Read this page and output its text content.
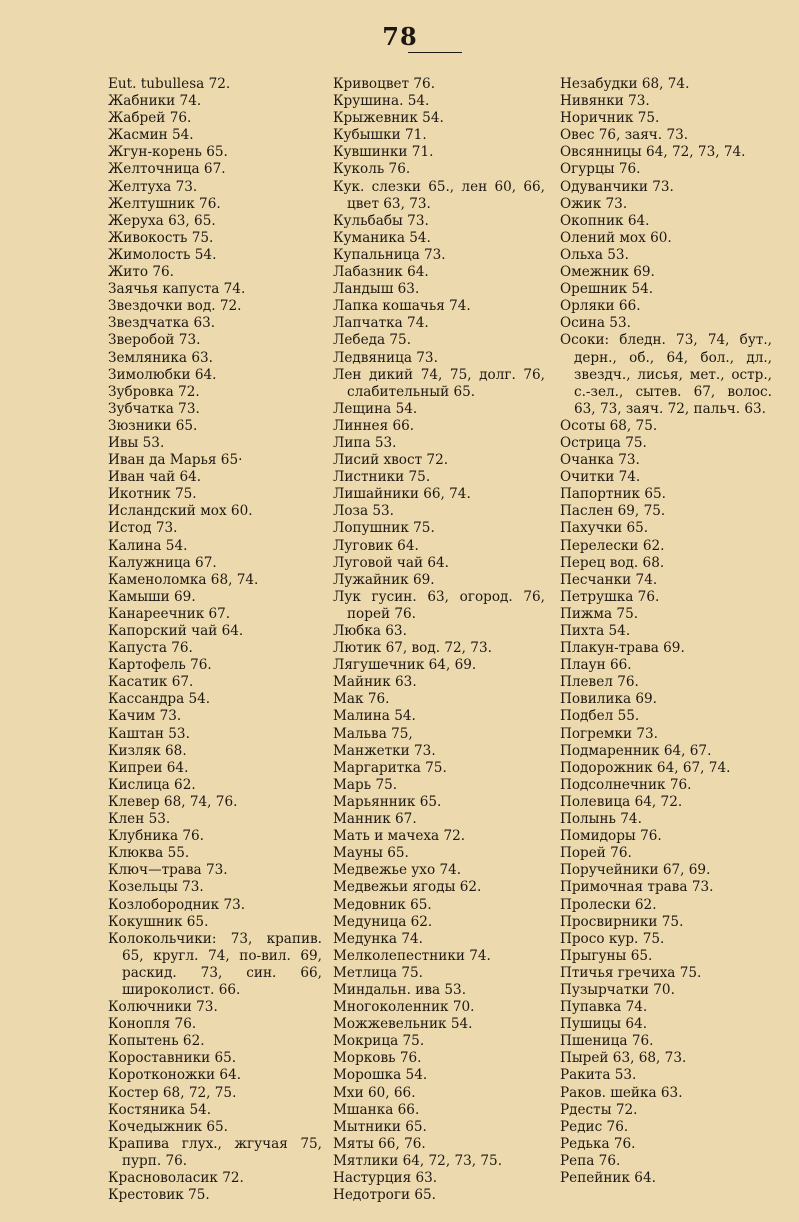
78
Eut. tubullesa 72.
Жабники 74.
Жабрей 76.
Жасмин 54.
Жгун-корень 65.
Желточница 67.
Желтуха 73.
Желтушник 76.
Жеруха 63, 65.
Живокость 75.
Жимолость 54.
Жито 76.
Заячья капуста 74.
Звездочки вод. 72.
Звездчатка 63.
Зверобой 73.
Земляника 63.
Зимолюбки 64.
Зубровка 72.
Зубчатка 73.
Зюзники 65.
Ивы 53.
Иван да Марья 65·
Иван чай 64.
Икотник 75.
Исландский мох 60.
Истод 73.
Калина 54.
Калужница 67.
Каменоломка 68, 74.
Камыши 69.
Канареечник 67.
Капорский чай 64.
Капуста 76.
Картофель 76.
Касатик 67.
Кассандра 54.
Качим 73.
Каштан 53.
Кизляк 68.
Кипреи 64.
Кислица 62.
Клевер 68, 74, 76.
Клен 53.
Клубника 76.
Клюква 55.
Ключ—трава 73.
Козельцы 73.
Козлобородник 73.
Кокушник 65.
Колокольчики: 73, крапив. 65, кругл. 74, по-вил. 69, раскид. 73, син. 66, широколист. 66.
Колючники 73.
Конопля 76.
Копытень 62.
Короставники 65.
Коротконожки 64.
Костер 68, 72, 75.
Костяника 54.
Кочедыжник 65.
Крапива глух., жгучая 75, пурп. 76.
Красноволасик 72.
Крестовик 75.
Кривоцвет 76.
Крушина. 54.
Крыжевник 54.
Кубышки 71.
Кувшинки 71.
Куколь 76.
Кук. слезки 65., лен 60, 66, цвет 63, 73.
Кульбабы 73.
Куманика 54.
Купальница 73.
Лабазник 64.
Ландыш 63.
Лапка кошачья 74.
Лапчатка 74.
Лебеда 75.
Ледвяница 73.
Лен дикий 74, 75, долг. 76, слабительный 65.
Лещина 54.
Линнея 66.
Липа 53.
Лисий хвост 72.
Листники 75.
Лишайники 66, 74.
Лоза 53.
Лопушник 75.
Луговик 64.
Луговой чай 64.
Лужайник 69.
Лук гусин. 63, огород. 76, порей 76.
Любка 63.
Лютик 67, вод. 72, 73.
Лягушечник 64, 69.
Майник 63.
Мак 76.
Малина 54.
Мальва 75,
Манжетки 73.
Маргаритка 75.
Марь 75.
Марьянник 65.
Манник 67.
Мать и мачеха 72.
Мауны 65.
Медвежье ухо 74.
Медвежьи ягоды 62.
Медовник 65.
Медуница 62.
Медунка 74.
Мелколепестники 74.
Метлица 75.
Миндальн. ива 53.
Многоколенник 70.
Можжевельник 54.
Мокрица 75.
Морковь 76.
Морошка 54.
Мхи 60, 66.
Мшанка 66.
Мытники 65.
Мяты 66, 76.
Мятлики 64, 72, 73, 75.
Настурция 63.
Недотроги 65.
Незабудки 68, 74.
Нивянки 73.
Норичник 75.
Овес 76, заяч. 73.
Овсянницы 64, 72, 73, 74.
Огурцы 76.
Одуванчики 73.
Ожик 73.
Окопник 64.
Олений мох 60.
Ольха 53.
Омежник 69.
Орешник 54.
Орляки 66.
Осина 53.
Осоки: бледн. 73, 74, бут., дерн., об., 64, бол., дл., звездч., лисья, мет., остр., с.-зел., сытев. 67, волос. 63, 73, заяч. 72, пальч. 63.
Осоты 68, 75.
Острица 75.
Очанка 73.
Очитки 74.
Папортник 65.
Паслен 69, 75.
Пахучки 65.
Перелески 62.
Перец вод. 68.
Песчанки 74.
Петрушка 76.
Пижма 75.
Пихта 54.
Плакун-трава 69.
Плаун 66.
Плевел 76.
Повилика 69.
Подбел 55.
Погремки 73.
Подмаренник 64, 67.
Подорожник 64, 67, 74.
Подсолнечник 76.
Полевица 64, 72.
Полынь 74.
Помидоры 76.
Порей 76.
Поручейники 67, 69.
Примочная трава 73.
Пролески 62.
Просвирники 75.
Просо кур. 75.
Прыгуны 65.
Птичья гречиха 75.
Пузырчатки 70.
Пупавка 74.
Пушицы 64.
Пшеница 76.
Пырей 63, 68, 73.
Ракита 53.
Раков. шейка 63.
Рдесты 72.
Редис 76.
Редька 76.
Репа 76.
Репейник 64.
